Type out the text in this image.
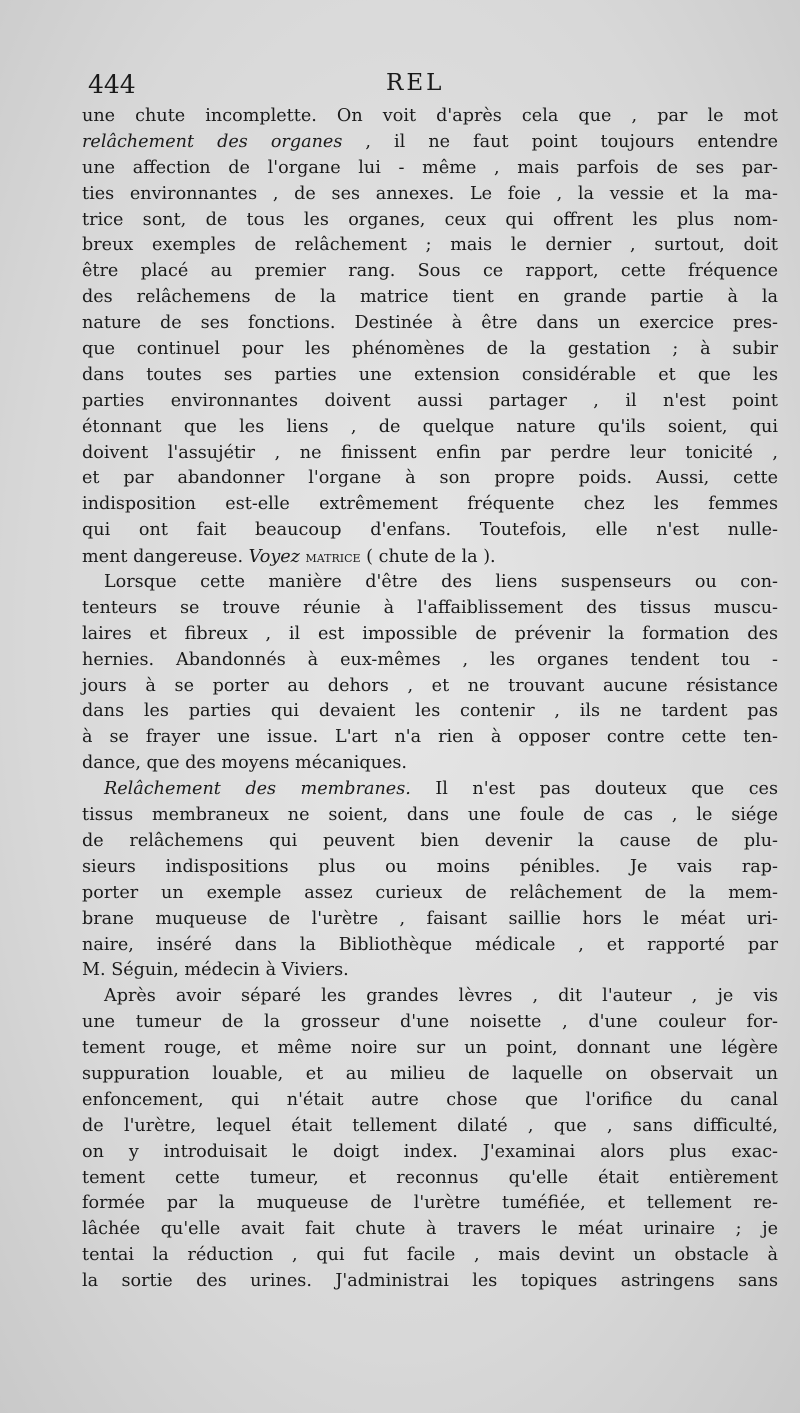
444	REL
une chute incomplette. On voit d'après cela que , par le mot
relâchement des organes , il ne faut point toujours entendre
une affection de l'organe lui - même , mais parfois de ses par-
ties environnantes , de ses annexes. Le foie , la vessie et la ma-
trice sont, de tous les organes, ceux qui offrent les plus nom-
breux exemples de relâchement ; mais le dernier , surtout, doit
être placé au premier rang. Sous ce rapport, cette fréquence
des relâchemens de la matrice tient en grande partie à la
nature de ses fonctions. Destinée à être dans un exercice pres-
que continuel pour les phénomènes de la gestation ; à subir
dans toutes ses parties une extension considérable et que les
parties environnantes doivent aussi partager , il n'est point
étonnant que les liens , de quelque nature qu'ils soient, qui
doivent l'assujétir , ne finissent enfin par perdre leur tonicité ,
et par abandonner l'organe à son propre poids. Aussi, cette
indisposition est-elle extrêmement fréquente chez les femmes
qui ont fait beaucoup d'enfans. Toutefois, elle n'est nulle-
ment dangereuse. Voyez matrice ( chute de la ).
Lorsque cette manière d'être des liens suspenseurs ou con-
tenteurs se trouve réunie à l'affaiblissement des tissus muscu-
laires et fibreux , il est impossible de prévenir la formation des
hernies. Abandonnés à eux-mêmes , les organes tendent tou -
jours à se porter au dehors , et ne trouvant aucune résistance
dans les parties qui devaient les contenir , ils ne tardent pas
à se frayer une issue. L'art n'a rien à opposer contre cette ten-
dance, que des moyens mécaniques.
Relâchement des membranes. Il n'est pas douteux que ces
tissus membraneux ne soient, dans une foule de cas , le siége
de relâchemens qui peuvent bien devenir la cause de plu-
sieurs indispositions plus ou moins pénibles. Je vais rap-
porter un exemple assez curieux de relâchement de la mem-
brane muqueuse de l'urètre , faisant saillie hors le méat uri-
naire, inséré dans la Bibliothèque médicale , et rapporté par
M. Séguin, médecin à Viviers.
Après avoir séparé les grandes lèvres , dit l'auteur , je vis
une tumeur de la grosseur d'une noisette , d'une couleur for-
tement rouge, et même noire sur un point, donnant une légère
suppuration louable, et au milieu de laquelle on observait un
enfoncement, qui n'était autre chose que l'orifice du canal
de l'urètre, lequel était tellement dilaté , que , sans difficulté,
on y introduisait le doigt index. J'examinai alors plus exac-
tement cette tumeur, et reconnus qu'elle était entièrement
formée par la muqueuse de l'urètre tuméfiée, et tellement re-
lâchée qu'elle avait fait chute à travers le méat urinaire ; je
tentai la réduction , qui fut facile , mais devint un obstacle à
la sortie des urines. J'administrai les topiques astringens sans
